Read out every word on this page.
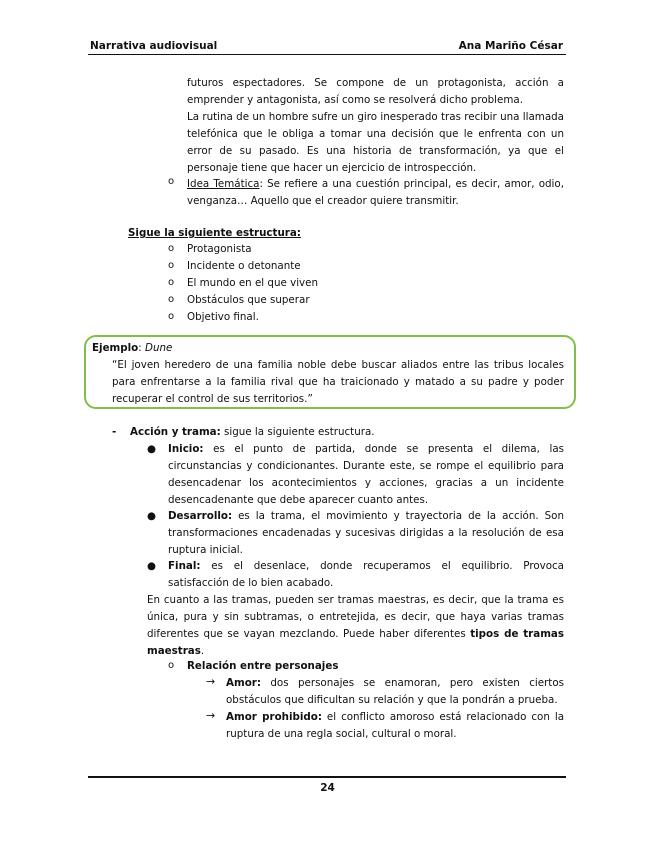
Narrativa audiovisual	Ana Mariño César
futuros espectadores. Se compone de un protagonista, acción a emprender y antagonista, así como se resolverá dicho problema.
La rutina de un hombre sufre un giro inesperado tras recibir una llamada telefónica que le obliga a tomar una decisión que le enfrenta con un error de su pasado. Es una historia de transformación, ya que el personaje tiene que hacer un ejercicio de introspección.
o Idea Temática: Se refiere a una cuestión principal, es decir, amor, odio, venganza… Aquello que el creador quiere transmitir.
Sigue la siguiente estructura:
o Protagonista
o Incidente o detonante
o El mundo en el que viven
o Obstáculos que superar
o Objetivo final.
Ejemplo: Dune
“El joven heredero de una familia noble debe buscar aliados entre las tribus locales para enfrentarse a la familia rival que ha traicionado y matado a su padre y poder recuperar el control de sus territorios.”
- Acción y trama: sigue la siguiente estructura.
● Inicio: es el punto de partida, donde se presenta el dilema, las circunstancias y condicionantes. Durante este, se rompe el equilibrio para desencadenar los acontecimientos y acciones, gracias a un incidente desencadenante que debe aparecer cuanto antes.
● Desarrollo: es la trama, el movimiento y trayectoria de la acción. Son transformaciones encadenadas y sucesivas dirigidas a la resolución de esa ruptura inicial.
● Final: es el desenlace, donde recuperamos el equilibrio. Provoca satisfacción de lo bien acabado.
En cuanto a las tramas, pueden ser tramas maestras, es decir, que la trama es única, pura y sin subtramas, o entretejida, es decir, que haya varias tramas diferentes que se vayan mezclando. Puede haber diferentes tipos de tramas maestras.
o Relación entre personajes
→ Amor: dos personajes se enamoran, pero existen ciertos obstáculos que dificultan su relación y que la pondrán a prueba.
→ Amor prohibido: el conflicto amoroso está relacionado con la ruptura de una regla social, cultural o moral.
24
